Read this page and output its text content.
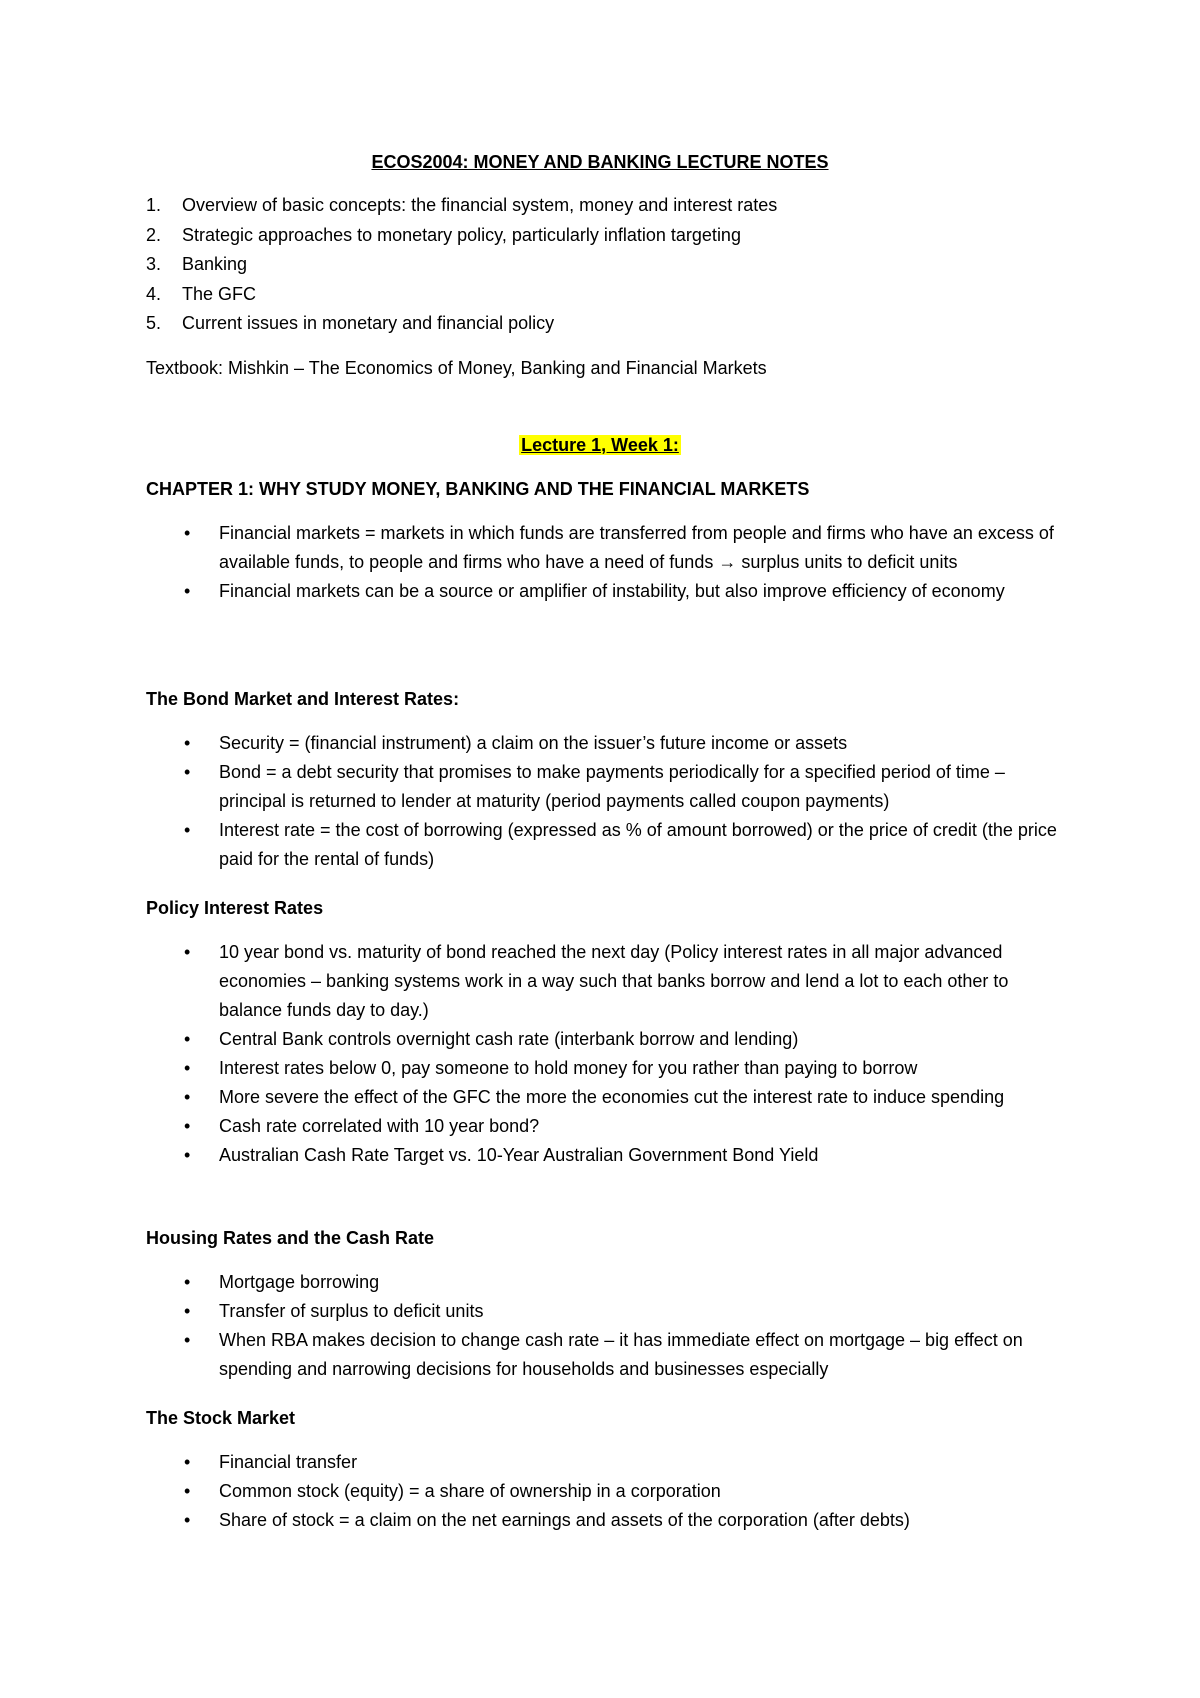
ECOS2004: MONEY AND BANKING LECTURE NOTES
1. Overview of basic concepts: the financial system, money and interest rates
2. Strategic approaches to monetary policy, particularly inflation targeting
3. Banking
4. The GFC
5. Current issues in monetary and financial policy
Textbook: Mishkin – The Economics of Money, Banking and Financial Markets
Lecture 1, Week 1:

CHAPTER 1: WHY STUDY MONEY, BANKING AND THE FINANCIAL MARKETS

• Financial markets = markets in which funds are transferred from people and firms who have an excess of available funds, to people and firms who have a need of funds → surplus units to deficit units
• Financial markets can be a source or amplifier of instability, but also improve efficiency of economy

The Bond Market and Interest Rates:

• Security = (financial instrument) a claim on the issuer’s future income or assets
• Bond = a debt security that promises to make payments periodically for a specified period of time – principal is returned to lender at maturity (period payments called coupon payments)
• Interest rate = the cost of borrowing (expressed as % of amount borrowed) or the price of credit (the price paid for the rental of funds)

Policy Interest Rates

• 10 year bond vs. maturity of bond reached the next day (Policy interest rates in all major advanced economies – banking systems work in a way such that banks borrow and lend a lot to each other to balance funds day to day.)
• Central Bank controls overnight cash rate (interbank borrow and lending)
• Interest rates below 0, pay someone to hold money for you rather than paying to borrow
• More severe the effect of the GFC the more the economies cut the interest rate to induce spending
• Cash rate correlated with 10 year bond?
• Australian Cash Rate Target vs. 10-Year Australian Government Bond Yield

Housing Rates and the Cash Rate

• Mortgage borrowing
• Transfer of surplus to deficit units
• When RBA makes decision to change cash rate – it has immediate effect on mortgage – big effect on spending and narrowing decisions for households and businesses especially

The Stock Market

• Financial transfer
• Common stock (equity) = a share of ownership in a corporation
• Share of stock = a claim on the net earnings and assets of the corporation (after debts)
